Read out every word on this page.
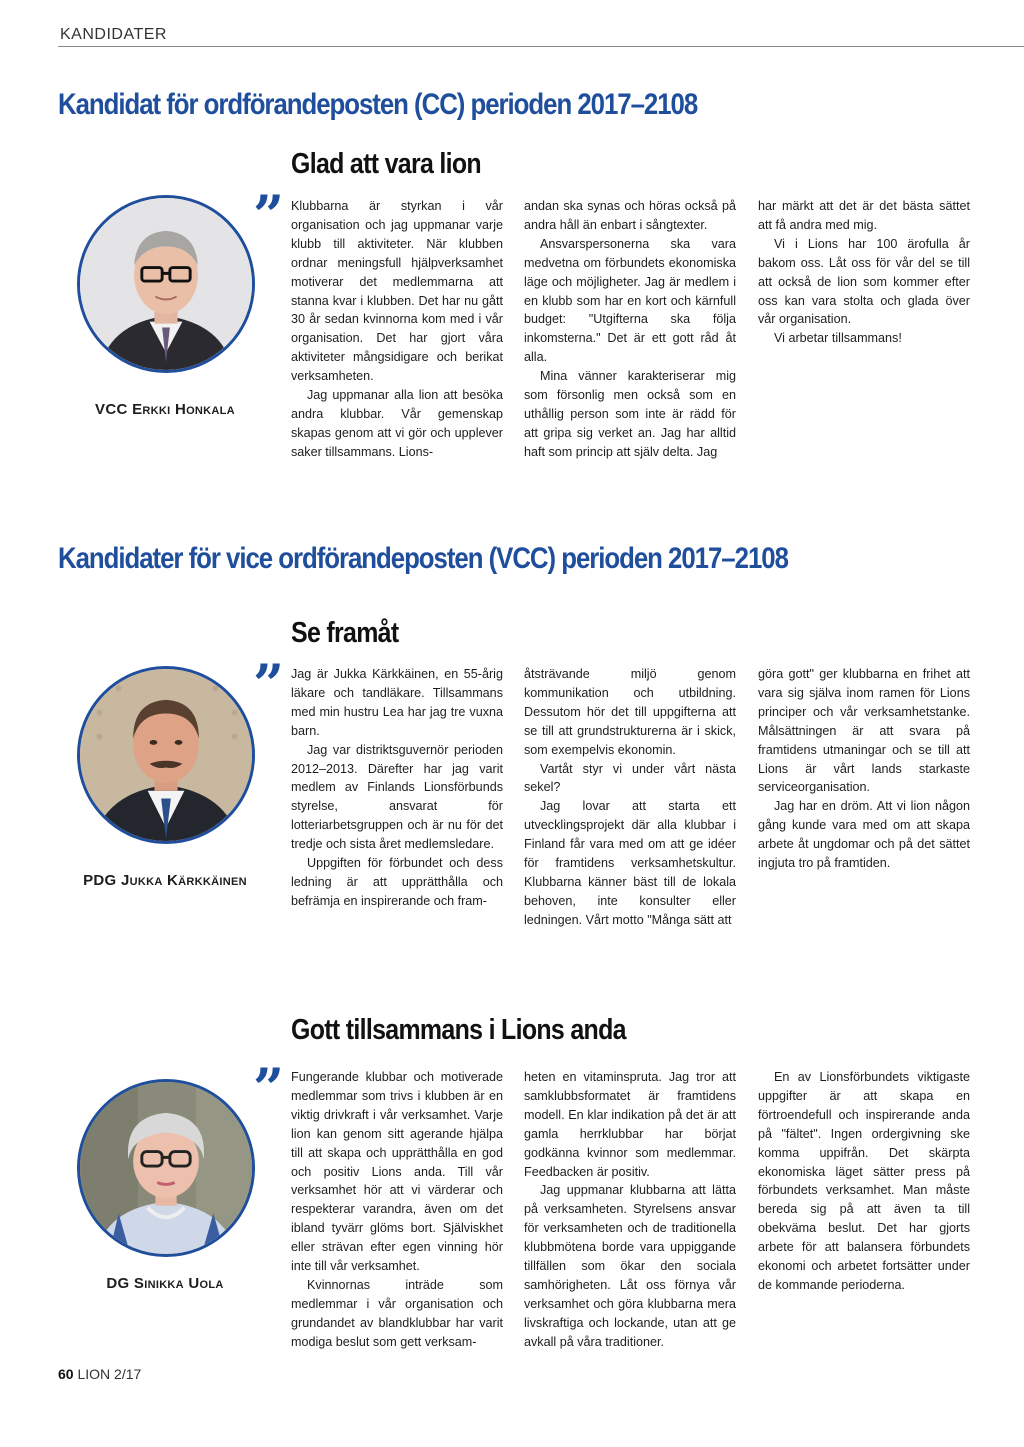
KANDIDATER
Kandidat för ordförandeposten (CC) perioden 2017–2108
Glad att vara lion
VCC Erkki Honkala
” Klubbarna är styrkan i vår organisation och jag uppmanar varje klubb till aktiviteter. När klubben ordnar meningsfull hjälpverksamhet motiverar det medlemmarna att stanna kvar i klubben. Det har nu gått 30 år sedan kvinnorna kom med i vår organisation. Det har gjort våra aktiviteter mångsidigare och berikat verksamheten.

Jag uppmanar alla lion att besöka andra klubbar. Vår gemenskap skapas genom att vi gör och upplever saker tillsammans. Lions-

andan ska synas och höras också på andra håll än enbart i sångtexter.

Ansvarspersonerna ska vara medvetna om förbundets ekonomiska läge och möjligheter. Jag är medlem i en klubb som har en kort och kärnfull budget: "Utgifterna ska följa inkomsterna." Det är ett gott råd åt alla.

Mina vänner karakteriserar mig som försonlig men också som en uthållig person som inte är rädd för att gripa sig verket an. Jag har alltid haft som princip att själv delta. Jag

har märkt att det är det bästa sättet att få andra med mig.

Vi i Lions har 100 ärofulla år bakom oss. Låt oss för vår del se till att också de lion som kommer efter oss kan vara stolta och glada över vår organisation.

Vi arbetar tillsammans!

Kandidater för vice ordförandeposten (VCC) perioden 2017–2108
Se framåt
PDG Jukka Kärkkäinen
” Jag är Jukka Kärkkäinen, en 55-årig läkare och tandläkare. Tillsammans med min hustru Lea har jag tre vuxna barn.

Jag var distriktsguvernör perioden 2012–2013. Därefter har jag varit medlem av Finlands Lionsförbunds styrelse, ansvarat för lotteriarbetsgruppen och är nu för det tredje och sista året medlemsledare.

Uppgiften för förbundet och dess ledning är att upprätthålla och befrämja en inspirerande och fram-

åtsträvande miljö genom kommunikation och utbildning. Dessutom hör det till uppgifterna att se till att grundstrukturerna är i skick, som exempelvis ekonomin.

Vartåt styr vi under vårt nästa sekel?

Jag lovar att starta ett utvecklingsprojekt där alla klubbar i Finland får vara med om att ge idéer för framtidens verksamhetskultur. Klubbarna känner bäst till de lokala behoven, inte konsulter eller ledningen. Vårt motto "Många sätt att

göra gott" ger klubbarna en frihet att vara sig själva inom ramen för Lions principer och vår verksamhetstanke. Målsättningen är att svara på framtidens utmaningar och se till att Lions är vårt lands starkaste serviceorganisation.

Jag har en dröm. Att vi lion någon gång kunde vara med om att skapa arbete åt ungdomar och på det sättet ingjuta tro på framtiden.

Gott tillsammans i Lions anda
DG Sinikka Uola
” Fungerande klubbar och motiverade medlemmar som trivs i klubben är en viktig drivkraft i vår verksamhet. Varje lion kan genom sitt agerande hjälpa till att skapa och upprätthålla en god och positiv Lions anda. Till vår verksamhet hör att vi värderar och respekterar varandra, även om det ibland tyvärr glöms bort. Själviskhet eller strävan efter egen vinning hör inte till vår verksamhet.

Kvinnornas inträde som medlemmar i vår organisation och grundandet av blandklubbar har varit modiga beslut som gett verksam-

heten en vitaminspruta. Jag tror att samklubbsformatet är framtidens modell. En klar indikation på det är att gamla herrklubbar har börjat godkänna kvinnor som medlemmar. Feedbacken är positiv.

Jag uppmanar klubbarna att lätta på verksamheten. Styrelsens ansvar för verksamheten och de traditionella klubbmötena borde vara uppiggande tillfällen som ökar den sociala samhörigheten. Låt oss förnya vår verksamhet och göra klubbarna mera livskraftiga och lockande, utan att ge avkall på våra traditioner.

En av Lionsförbundets viktigaste uppgifter är att skapa en förtroendefull och inspirerande anda på "fältet". Ingen ordergivning ske komma uppifrån. Det skärpta ekonomiska läget sätter press på förbundets verksamhet. Man måste bereda sig på att även ta till obekväma beslut. Det har gjorts arbete för att balansera förbundets ekonomi och arbetet fortsätter under de kommande perioderna.

60 LION 2/17
